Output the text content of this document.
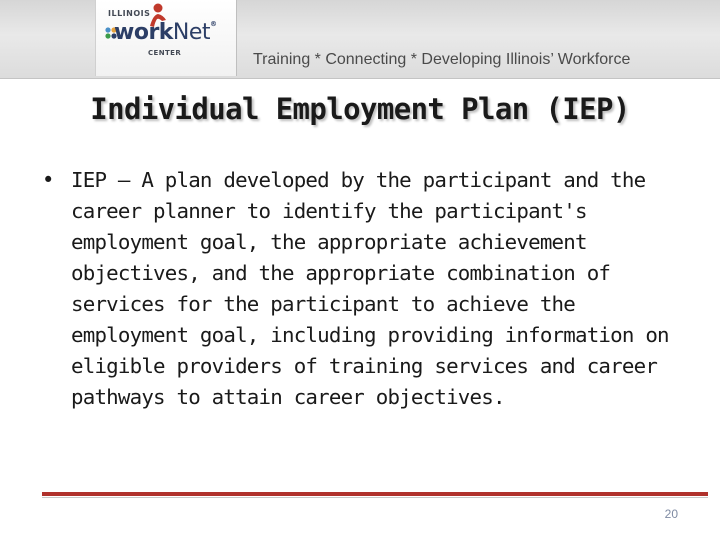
ILLINOIS
workNet®
CENTER	Training * Connecting * Developing Illinois’ Workforce
Individual Employment Plan (IEP)
• IEP – A plan developed by the participant and the career planner to identify the participant's employment goal, the appropriate achievement objectives, and the appropriate combination of services for the participant to achieve the employment goal, including providing information on eligible providers of training services and career pathways to attain career objectives.
20
